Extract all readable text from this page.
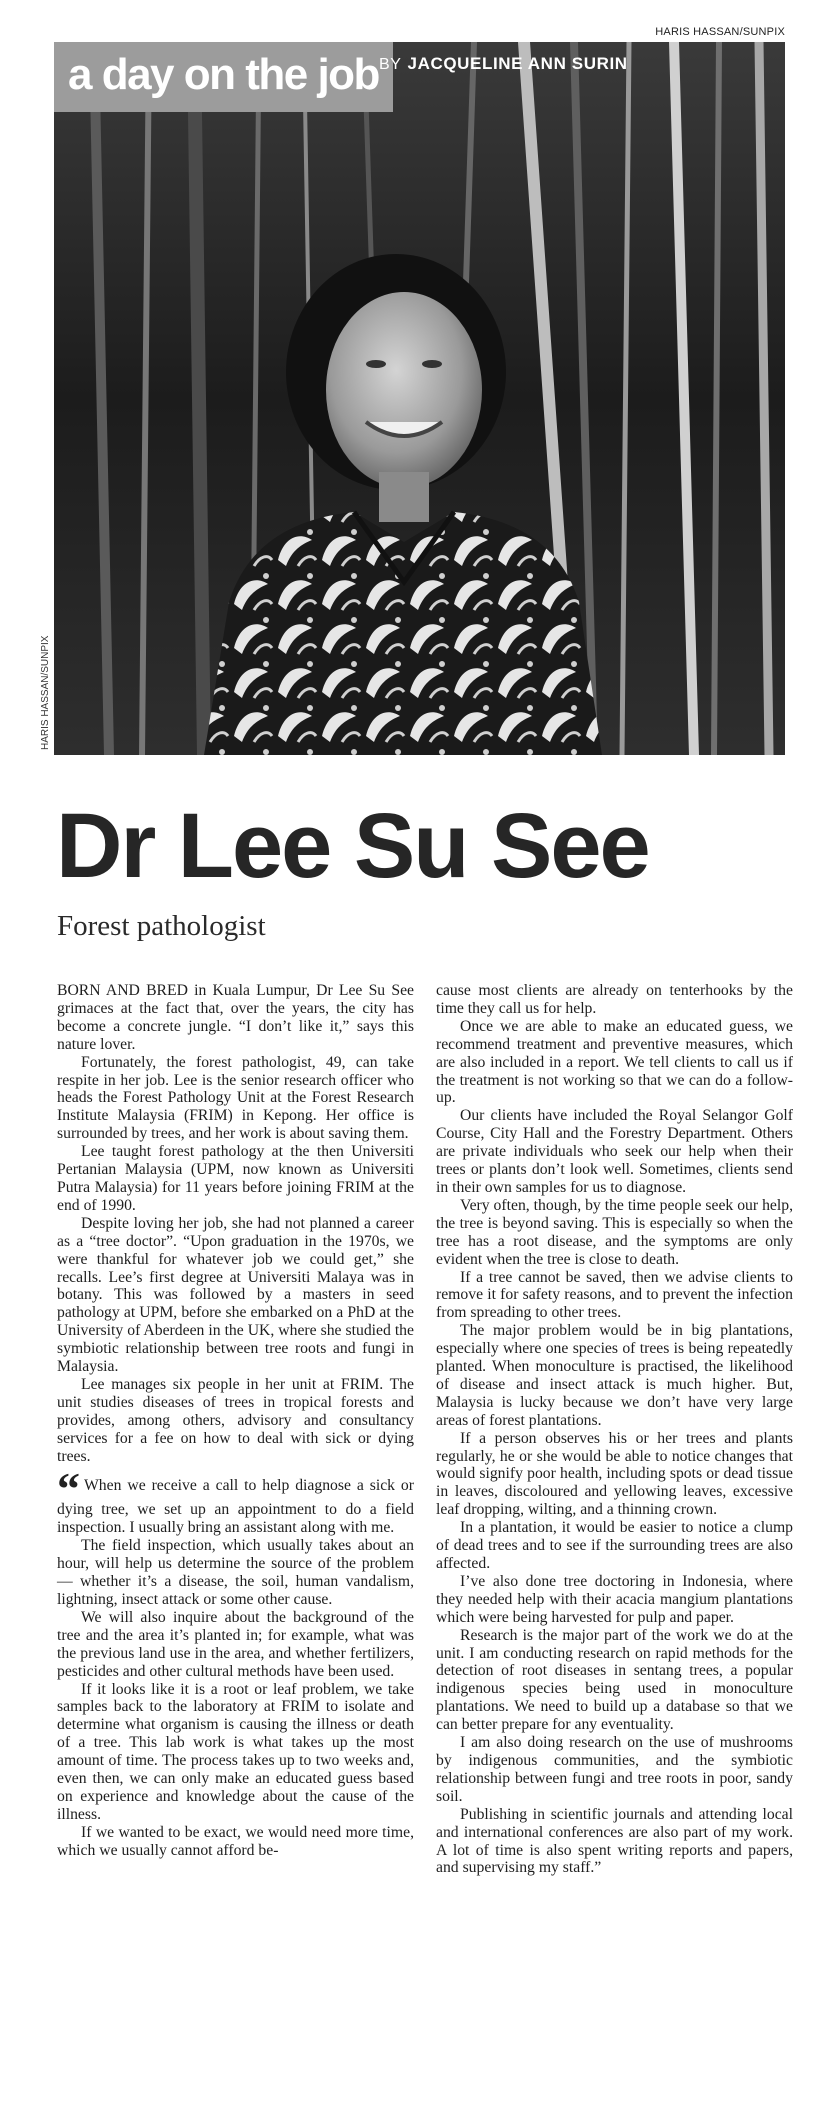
HARIS HASSAN/SUNPIX
a day on the job BY JACQUELINE ANN SURIN
HARIS HASSAN/SUNPIX
Dr Lee Su See
Forest pathologist

BORN AND BRED in Kuala Lumpur, Dr Lee Su See grimaces at the fact that, over the years, the city has become a concrete jungle. “I don’t like it,” says this nature lover.

Fortunately, the forest pathologist, 49, can take respite in her job. Lee is the senior research officer who heads the Forest Pathology Unit at the Forest Research Institute Malaysia (FRIM) in Kepong. Her office is surrounded by trees, and her work is about saving them.

Lee taught forest pathology at the then Universiti Pertanian Malaysia (UPM, now known as Universiti Putra Malaysia) for 11 years before joining FRIM at the end of 1990.

Despite loving her job, she had not planned a career as a “tree doctor”. “Upon graduation in the 1970s, we were thankful for whatever job we could get,” she recalls. Lee’s first degree at Universiti Malaya was in botany. This was followed by a masters in seed pathology at UPM, before she embarked on a PhD at the University of Aberdeen in the UK, where she studied the symbiotic relationship between tree roots and fungi in Malaysia.

Lee manages six people in her unit at FRIM. The unit studies diseases of trees in tropical forests and provides, among others, advisory and consultancy services for a fee on how to deal with sick or dying trees.

“ When we receive a call to help diagnose a sick or dying tree, we set up an appointment to do a field inspection. I usually bring an assistant along with me.

The field inspection, which usually takes about an hour, will help us determine the source of the problem — whether it’s a disease, the soil, human vandalism, lightning, insect attack or some other cause.

We will also inquire about the background of the tree and the area it’s planted in; for example, what was the previous land use in the area, and whether fertilizers, pesticides and other cultural methods have been used.

If it looks like it is a root or leaf problem, we take samples back to the laboratory at FRIM to isolate and determine what organism is causing the illness or death of a tree. This lab work is what takes up the most amount of time. The process takes up to two weeks and, even then, we can only make an educated guess based on experience and knowledge about the cause of the illness.

If we wanted to be exact, we would need more time, which we usually cannot afford be-

cause most clients are already on tenterhooks by the time they call us for help.

Once we are able to make an educated guess, we recommend treatment and preventive measures, which are also included in a report. We tell clients to call us if the treatment is not working so that we can do a follow-up.

Our clients have included the Royal Selangor Golf Course, City Hall and the Forestry Department. Others are private individuals who seek our help when their trees or plants don’t look well. Sometimes, clients send in their own samples for us to diagnose.

Very often, though, by the time people seek our help, the tree is beyond saving. This is especially so when the tree has a root disease, and the symptoms are only evident when the tree is close to death.

If a tree cannot be saved, then we advise clients to remove it for safety reasons, and to prevent the infection from spreading to other trees.

The major problem would be in big plantations, especially where one species of trees is being repeatedly planted. When monoculture is practised, the likelihood of disease and insect attack is much higher. But, Malaysia is lucky because we don’t have very large areas of forest plantations.

If a person observes his or her trees and plants regularly, he or she would be able to notice changes that would signify poor health, including spots or dead tissue in leaves, discoloured and yellowing leaves, excessive leaf dropping, wilting, and a thinning crown.

In a plantation, it would be easier to notice a clump of dead trees and to see if the surrounding trees are also affected.

I’ve also done tree doctoring in Indonesia, where they needed help with their acacia mangium plantations which were being harvested for pulp and paper.

Research is the major part of the work we do at the unit. I am conducting research on rapid methods for the detection of root diseases in sentang trees, a popular indigenous species being used in monoculture plantations. We need to build up a database so that we can better prepare for any eventuality.

I am also doing research on the use of mushrooms by indigenous communities, and the symbiotic relationship between fungi and tree roots in poor, sandy soil.

Publishing in scientific journals and attending local and international conferences are also part of my work. A lot of time is also spent writing reports and papers, and supervising my staff.”
